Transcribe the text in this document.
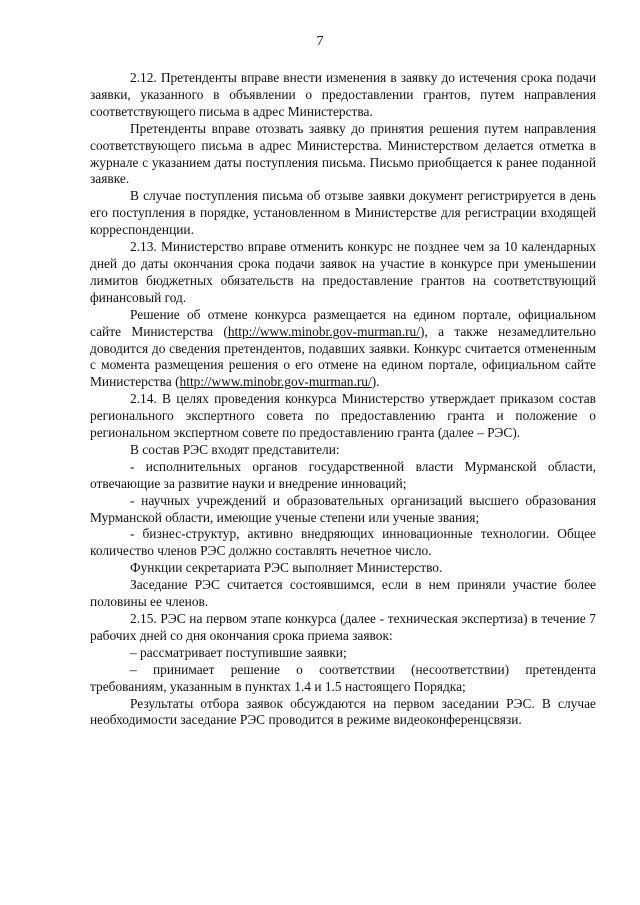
7

2.12. Претенденты вправе внести изменения в заявку до истечения срока подачи заявки, указанного в объявлении о предоставлении грантов, путем направления соответствующего письма в адрес Министерства.

Претенденты вправе отозвать заявку до принятия решения путем направления соответствующего письма в адрес Министерства. Министерством делается отметка в журнале с указанием даты поступления письма. Письмо приобщается к ранее поданной заявке.

В случае поступления письма об отзыве заявки документ регистрируется в день его поступления в порядке, установленном в Министерстве для регистрации входящей корреспонденции.

2.13. Министерство вправе отменить конкурс не позднее чем за 10 календарных дней до даты окончания срока подачи заявок на участие в конкурсе при уменьшении лимитов бюджетных обязательств на предоставление грантов на соответствующий финансовый год.

Решение об отмене конкурса размещается на едином портале, официальном сайте Министерства (http://www.minobr.gov-murman.ru/), а также незамедлительно доводится до сведения претендентов, подавших заявки. Конкурс считается отмененным с момента размещения решения о его отмене на едином портале, официальном сайте Министерства (http://www.minobr.gov-murman.ru/).

2.14. В целях проведения конкурса Министерство утверждает приказом состав регионального экспертного совета по предоставлению гранта и положение о региональном экспертном совете по предоставлению гранта (далее – РЭС).

В состав РЭС входят представители:

- исполнительных органов государственной власти Мурманской области, отвечающие за развитие науки и внедрение инноваций;

- научных учреждений и образовательных организаций высшего образования Мурманской области, имеющие ученые степени или ученые звания;

- бизнес-структур, активно внедряющих инновационные технологии. Общее количество членов РЭС должно составлять нечетное число.

Функции секретариата РЭС выполняет Министерство.

Заседание РЭС считается состоявшимся, если в нем приняли участие более половины ее членов.

2.15. РЭС на первом этапе конкурса (далее - техническая экспертиза) в течение 7 рабочих дней со дня окончания срока приема заявок:

– рассматривает поступившие заявки;

– принимает решение о соответствии (несоответствии) претендента требованиям, указанным в пунктах 1.4 и 1.5 настоящего Порядка;

Результаты отбора заявок обсуждаются на первом заседании РЭС. В случае необходимости заседание РЭС проводится в режиме видеоконференцсвязи.
